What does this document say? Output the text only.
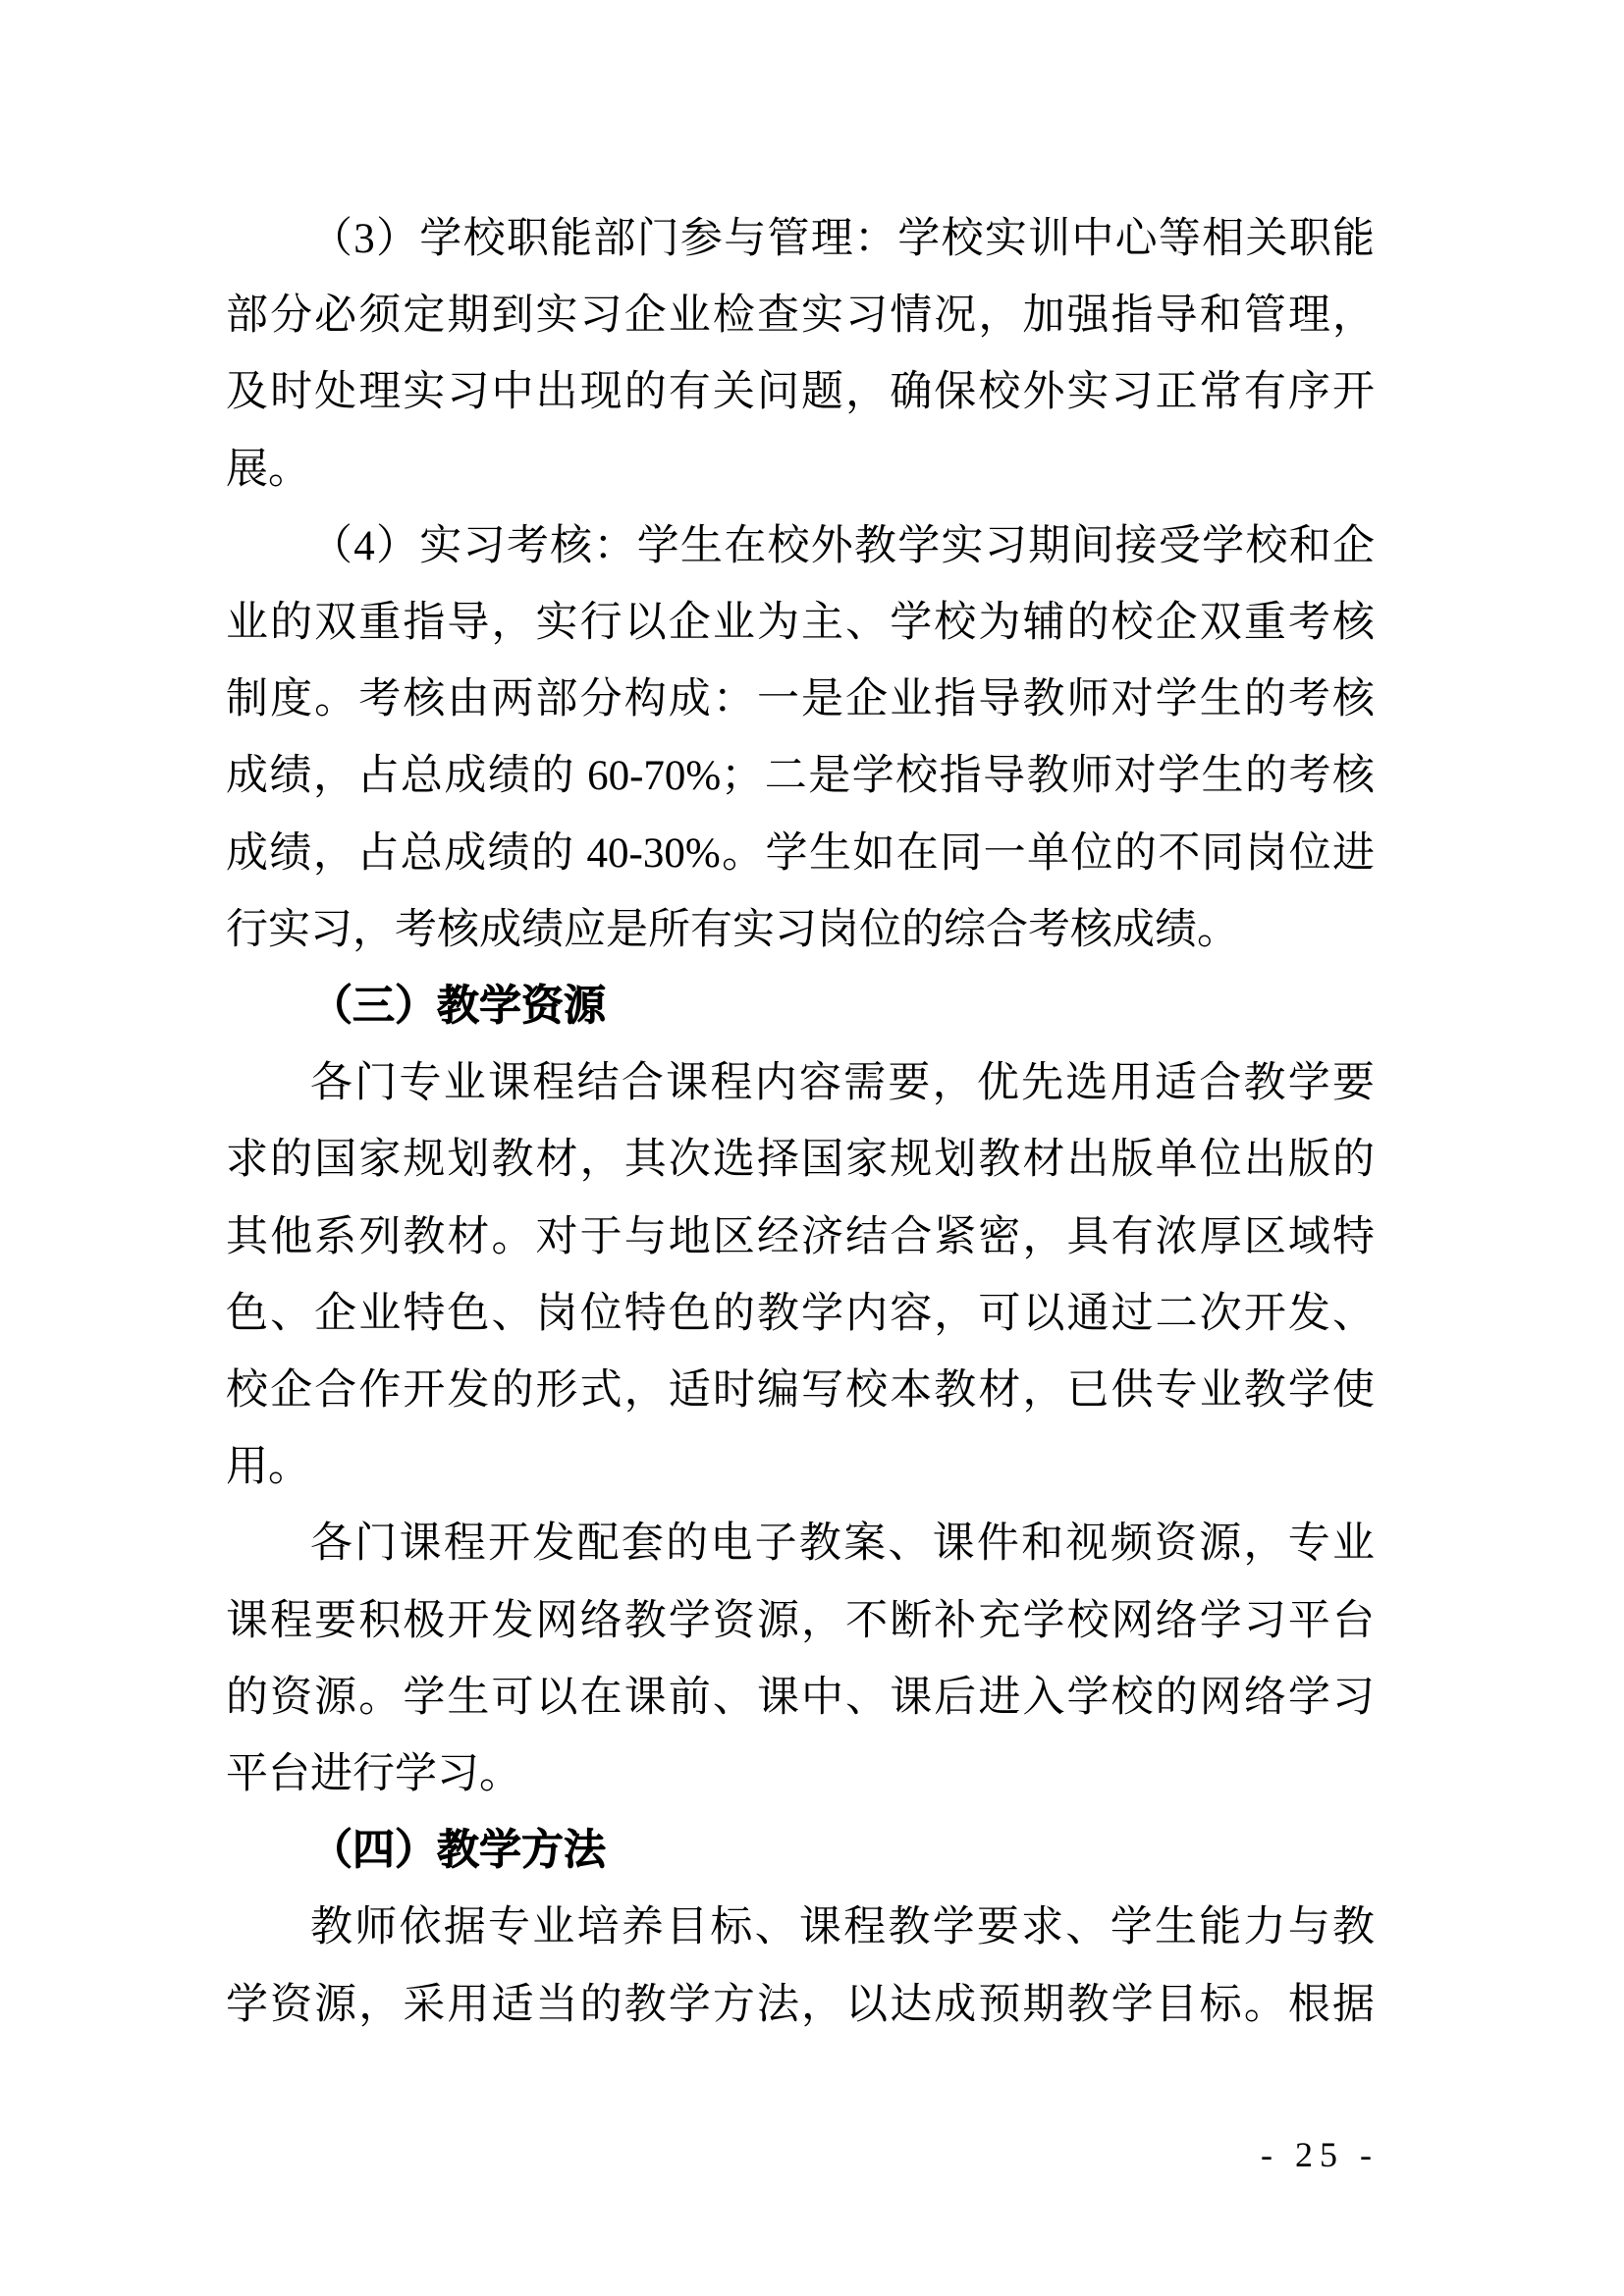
（3）学校职能部门参与管理：学校实训中心等相关职能
部分必须定期到实习企业检查实习情况，加强指导和管理，
及时处理实习中出现的有关问题，确保校外实习正常有序开
展。
（4）实习考核：学生在校外教学实习期间接受学校和企
业的双重指导，实行以企业为主、学校为辅的校企双重考核
制度。考核由两部分构成：一是企业指导教师对学生的考核
成绩，占总成绩的 60-70%；二是学校指导教师对学生的考核
成绩，占总成绩的 40-30%。学生如在同一单位的不同岗位进
行实习，考核成绩应是所有实习岗位的综合考核成绩。
（三）教学资源
各门专业课程结合课程内容需要，优先选用适合教学要
求的国家规划教材，其次选择国家规划教材出版单位出版的
其他系列教材。对于与地区经济结合紧密，具有浓厚区域特
色、企业特色、岗位特色的教学内容，可以通过二次开发、
校企合作开发的形式，适时编写校本教材，已供专业教学使
用。
各门课程开发配套的电子教案、课件和视频资源，专业
课程要积极开发网络教学资源，不断补充学校网络学习平台
的资源。学生可以在课前、课中、课后进入学校的网络学习
平台进行学习。
（四）教学方法
教师依据专业培养目标、课程教学要求、学生能力与教
学资源，采用适当的教学方法，以达成预期教学目标。根据
- 25 -
